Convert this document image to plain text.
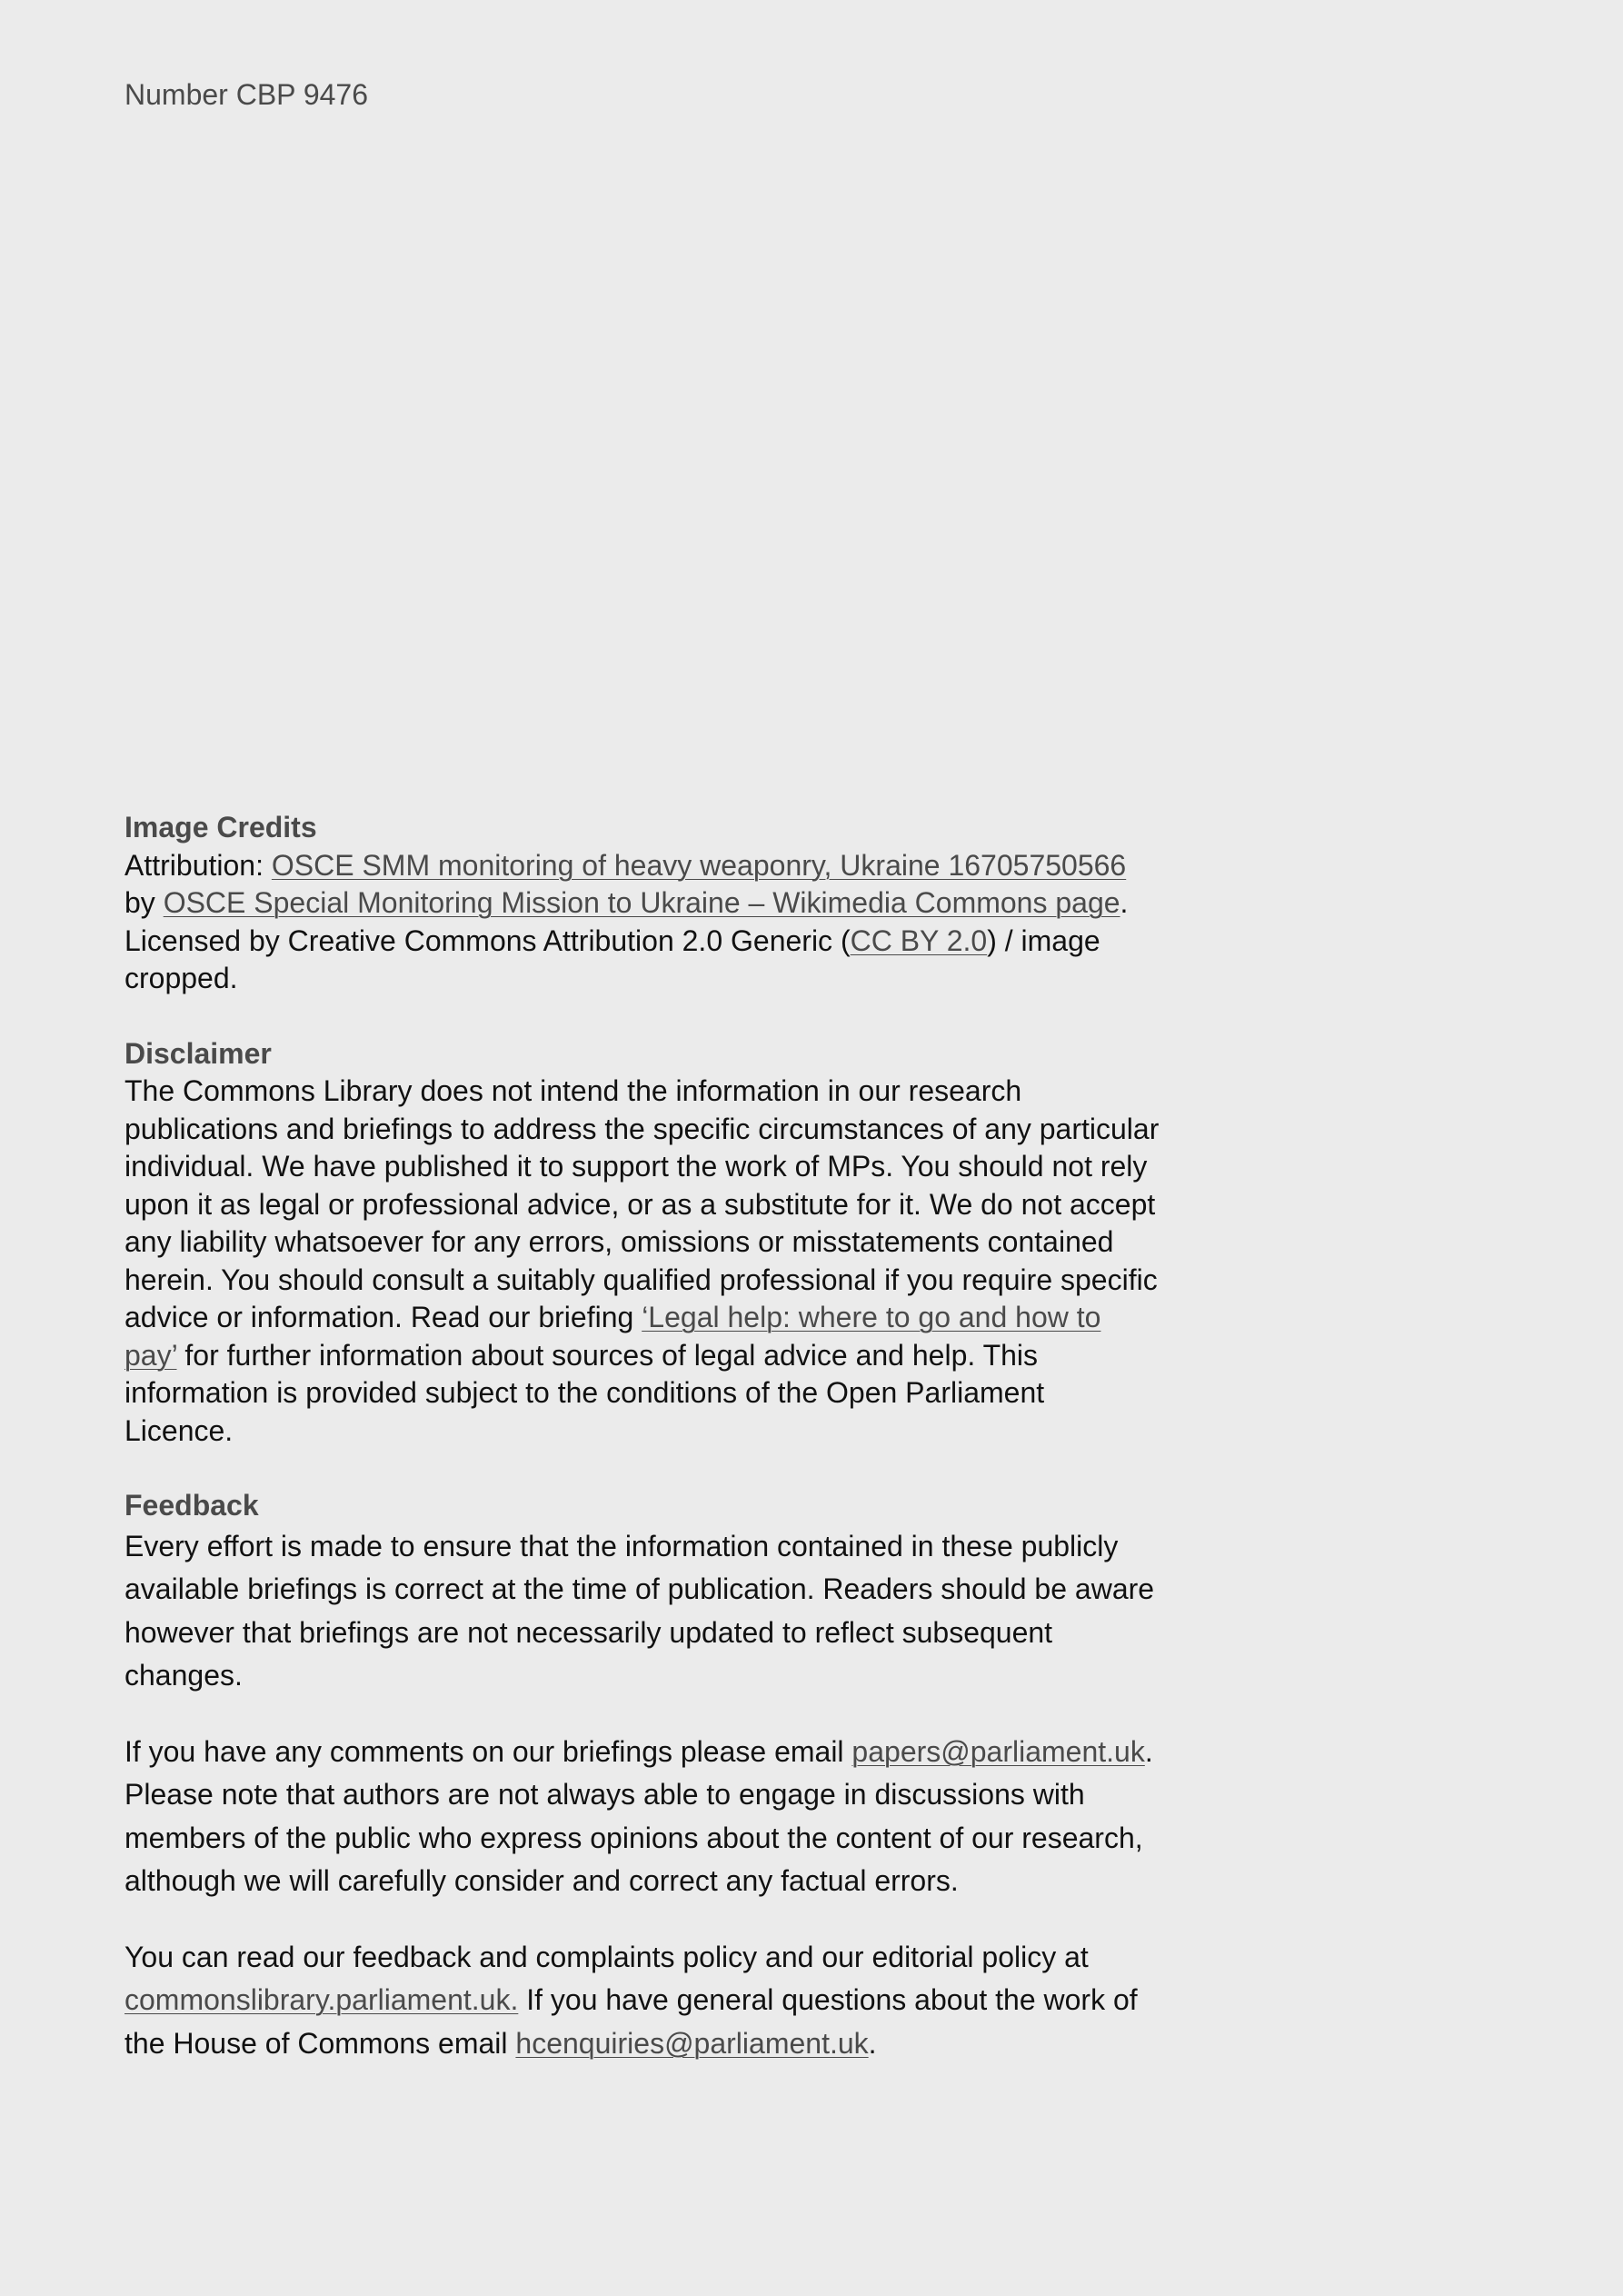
Number CBP 9476

Image Credits

Attribution: OSCE SMM monitoring of heavy weaponry, Ukraine 16705750566 by OSCE Special Monitoring Mission to Ukraine – Wikimedia Commons page. Licensed by Creative Commons Attribution 2.0 Generic (CC BY 2.0) / image cropped.

Disclaimer

The Commons Library does not intend the information in our research publications and briefings to address the specific circumstances of any particular individual. We have published it to support the work of MPs. You should not rely upon it as legal or professional advice, or as a substitute for it. We do not accept any liability whatsoever for any errors, omissions or misstatements contained herein. You should consult a suitably qualified professional if you require specific advice or information. Read our briefing ‘Legal help: where to go and how to pay’ for further information about sources of legal advice and help. This information is provided subject to the conditions of the Open Parliament Licence.

Feedback

Every effort is made to ensure that the information contained in these publicly available briefings is correct at the time of publication. Readers should be aware however that briefings are not necessarily updated to reflect subsequent changes.

If you have any comments on our briefings please email papers@parliament.uk. Please note that authors are not always able to engage in discussions with members of the public who express opinions about the content of our research, although we will carefully consider and correct any factual errors.

You can read our feedback and complaints policy and our editorial policy at commonslibrary.parliament.uk. If you have general questions about the work of the House of Commons email hcenquiries@parliament.uk.
